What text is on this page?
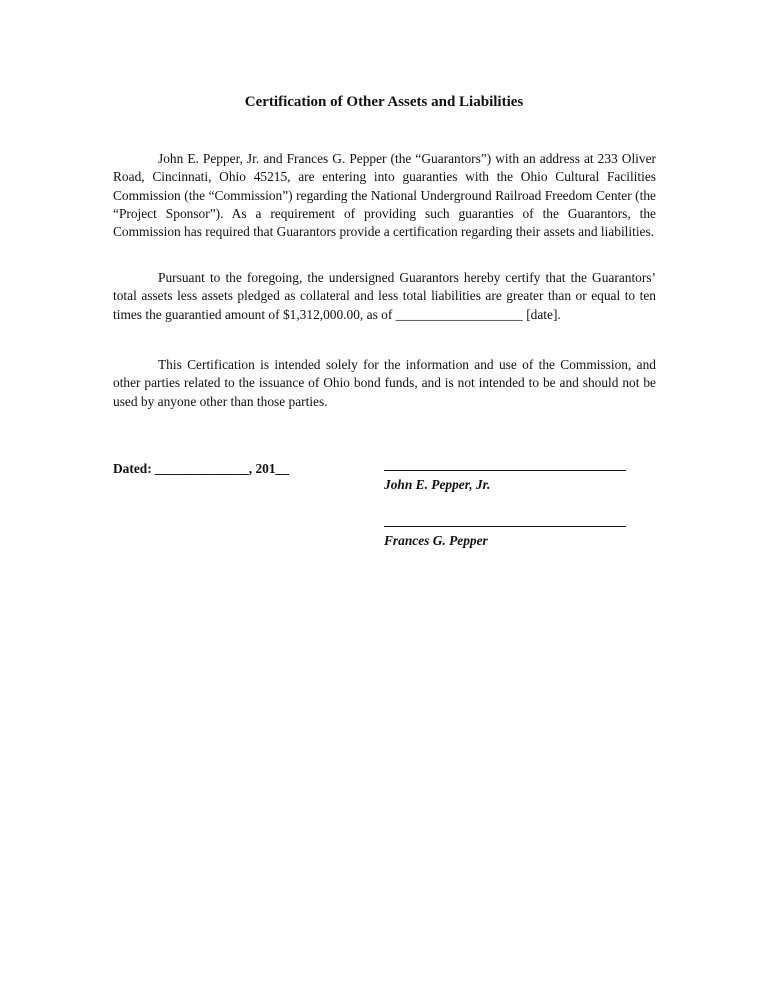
Certification of Other Assets and Liabilities
John E. Pepper, Jr. and Frances G. Pepper (the “Guarantors”) with an address at 233 Oliver Road, Cincinnati, Ohio 45215, are entering into guaranties with the Ohio Cultural Facilities Commission (the “Commission”) regarding the National Underground Railroad Freedom Center (the “Project Sponsor”). As a requirement of providing such guaranties of the Guarantors, the Commission has required that Guarantors provide a certification regarding their assets and liabilities.
Pursuant to the foregoing, the undersigned Guarantors hereby certify that the Guarantors’ total assets less assets pledged as collateral and less total liabilities are greater than or equal to ten times the guarantied amount of $1,312,000.00, as of ___________________ [date].
This Certification is intended solely for the information and use of the Commission, and other parties related to the issuance of Ohio bond funds, and is not intended to be and should not be used by anyone other than those parties.
Dated: ______________, 201__
John E. Pepper, Jr.
Frances G. Pepper
